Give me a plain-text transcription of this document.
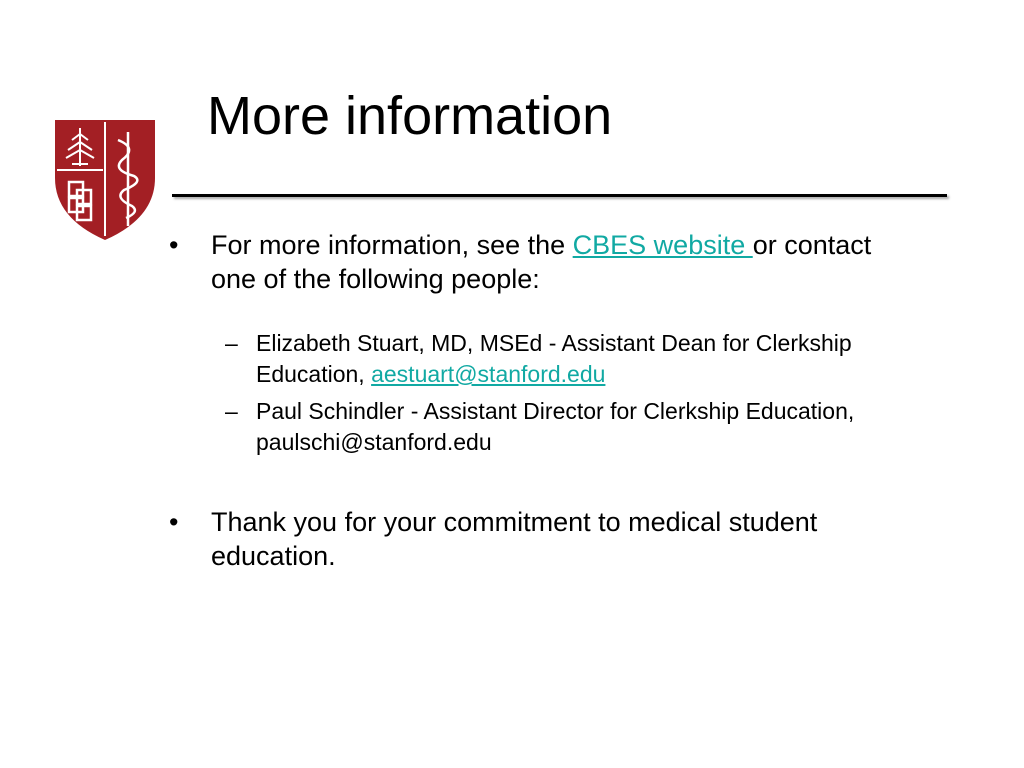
More information
• For more information, see the CBES website or contact
one of the following people:
– Elizabeth Stuart, MD, MSEd - Assistant Dean for Clerkship
Education, aestuart@stanford.edu
– Paul Schindler - Assistant Director for Clerkship Education,
paulschi@stanford.edu
• Thank you for your commitment to medical student
education.
